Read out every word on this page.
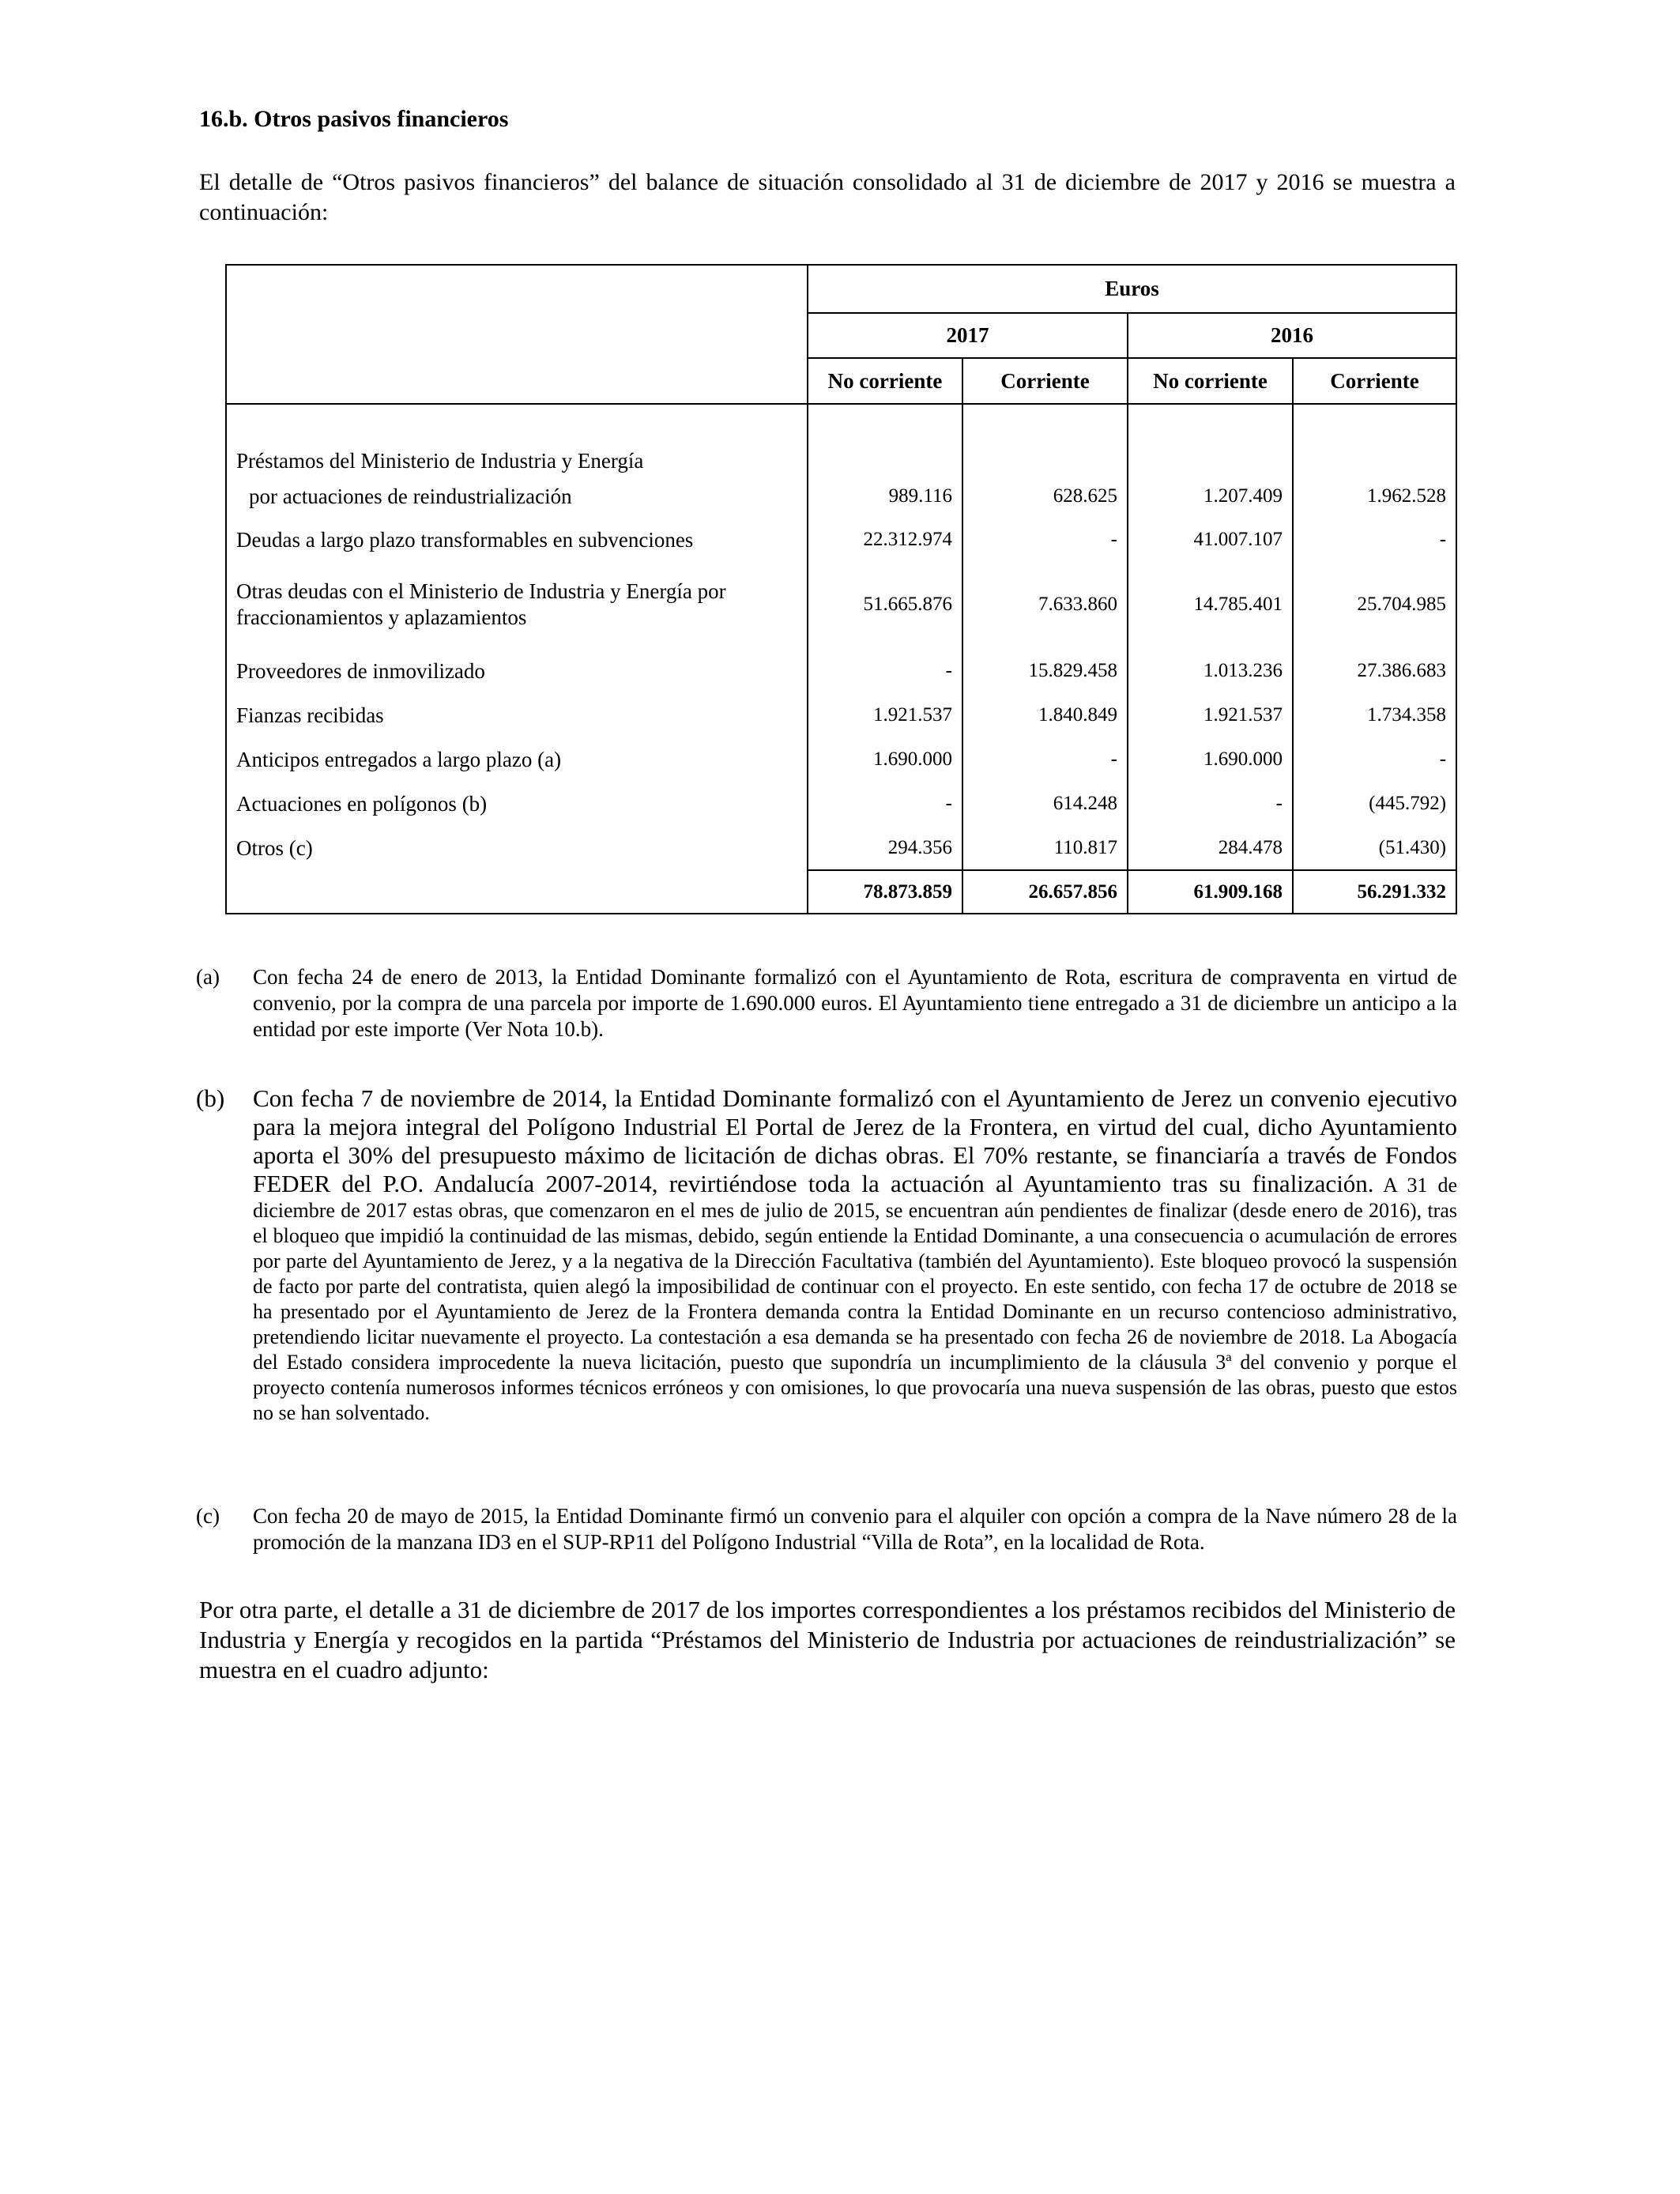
16.b. Otros pasivos financieros
El detalle de “Otros pasivos financieros” del balance de situación consolidado al 31 de diciembre de 2017 y 2016 se muestra a continuación:
	Euros			
	2017		2016	
	No corriente	Corriente	No corriente	Corriente

Préstamos del Ministerio de Industria y Energía				
por actuaciones de reindustrialización	989.116	628.625	1.207.409	1.962.528
Deudas a largo plazo transformables en subvenciones	22.312.974	-	41.007.107	-
Otras deudas con el Ministerio de Industria y Energía por fraccionamientos y aplazamientos	51.665.876	7.633.860	14.785.401	25.704.985
Proveedores de inmovilizado	-	15.829.458	1.013.236	27.386.683
Fianzas recibidas	1.921.537	1.840.849	1.921.537	1.734.358
Anticipos entregados a largo plazo (a)	1.690.000	-	1.690.000	-
Actuaciones en polígonos (b)	-	614.248	-	(445.792)
Otros (c)	294.356	110.817	284.478	(51.430)
	78.873.859	26.657.856	61.909.168	56.291.332
(a) Con fecha 24 de enero de 2013, la Entidad Dominante formalizó con el Ayuntamiento de Rota, escritura de compraventa en virtud de convenio, por la compra de una parcela por importe de 1.690.000 euros. El Ayuntamiento tiene entregado a 31 de diciembre un anticipo a la entidad por este importe (Ver Nota 10.b).
(b) Con fecha 7 de noviembre de 2014, la Entidad Dominante formalizó con el Ayuntamiento de Jerez un convenio ejecutivo para la mejora integral del Polígono Industrial El Portal de Jerez de la Frontera, en virtud del cual, dicho Ayuntamiento aporta el 30% del presupuesto máximo de licitación de dichas obras. El 70% restante, se financiaría a través de Fondos FEDER del P.O. Andalucía 2007-2014, revirtiéndose toda la actuación al Ayuntamiento tras su finalización. A 31 de diciembre de 2017 estas obras, que comenzaron en el mes de julio de 2015, se encuentran aún pendientes de finalizar (desde enero de 2016), tras el bloqueo que impidió la continuidad de las mismas, debido, según entiende la Entidad Dominante, a una consecuencia o acumulación de errores por parte del Ayuntamiento de Jerez, y a la negativa de la Dirección Facultativa (también del Ayuntamiento). Este bloqueo provocó la suspensión de facto por parte del contratista, quien alegó la imposibilidad de continuar con el proyecto. En este sentido, con fecha 17 de octubre de 2018 se ha presentado por el Ayuntamiento de Jerez de la Frontera demanda contra la Entidad Dominante en un recurso contencioso administrativo, pretendiendo licitar nuevamente el proyecto. La contestación a esa demanda se ha presentado con fecha 26 de noviembre de 2018. La Abogacía del Estado considera improcedente la nueva licitación, puesto que supondría un incumplimiento de la cláusula 3ª del convenio y porque el proyecto contenía numerosos informes técnicos erróneos y con omisiones, lo que provocaría una nueva suspensión de las obras, puesto que estos no se han solventado.
(c) Con fecha 20 de mayo de 2015, la Entidad Dominante firmó un convenio para el alquiler con opción a compra de la Nave número 28 de la promoción de la manzana ID3 en el SUP-RP11 del Polígono Industrial “Villa de Rota”, en la localidad de Rota.
Por otra parte, el detalle a 31 de diciembre de 2017 de los importes correspondientes a los préstamos recibidos del Ministerio de Industria y Energía y recogidos en la partida “Préstamos del Ministerio de Industria por actuaciones de reindustrialización” se muestra en el cuadro adjunto:
